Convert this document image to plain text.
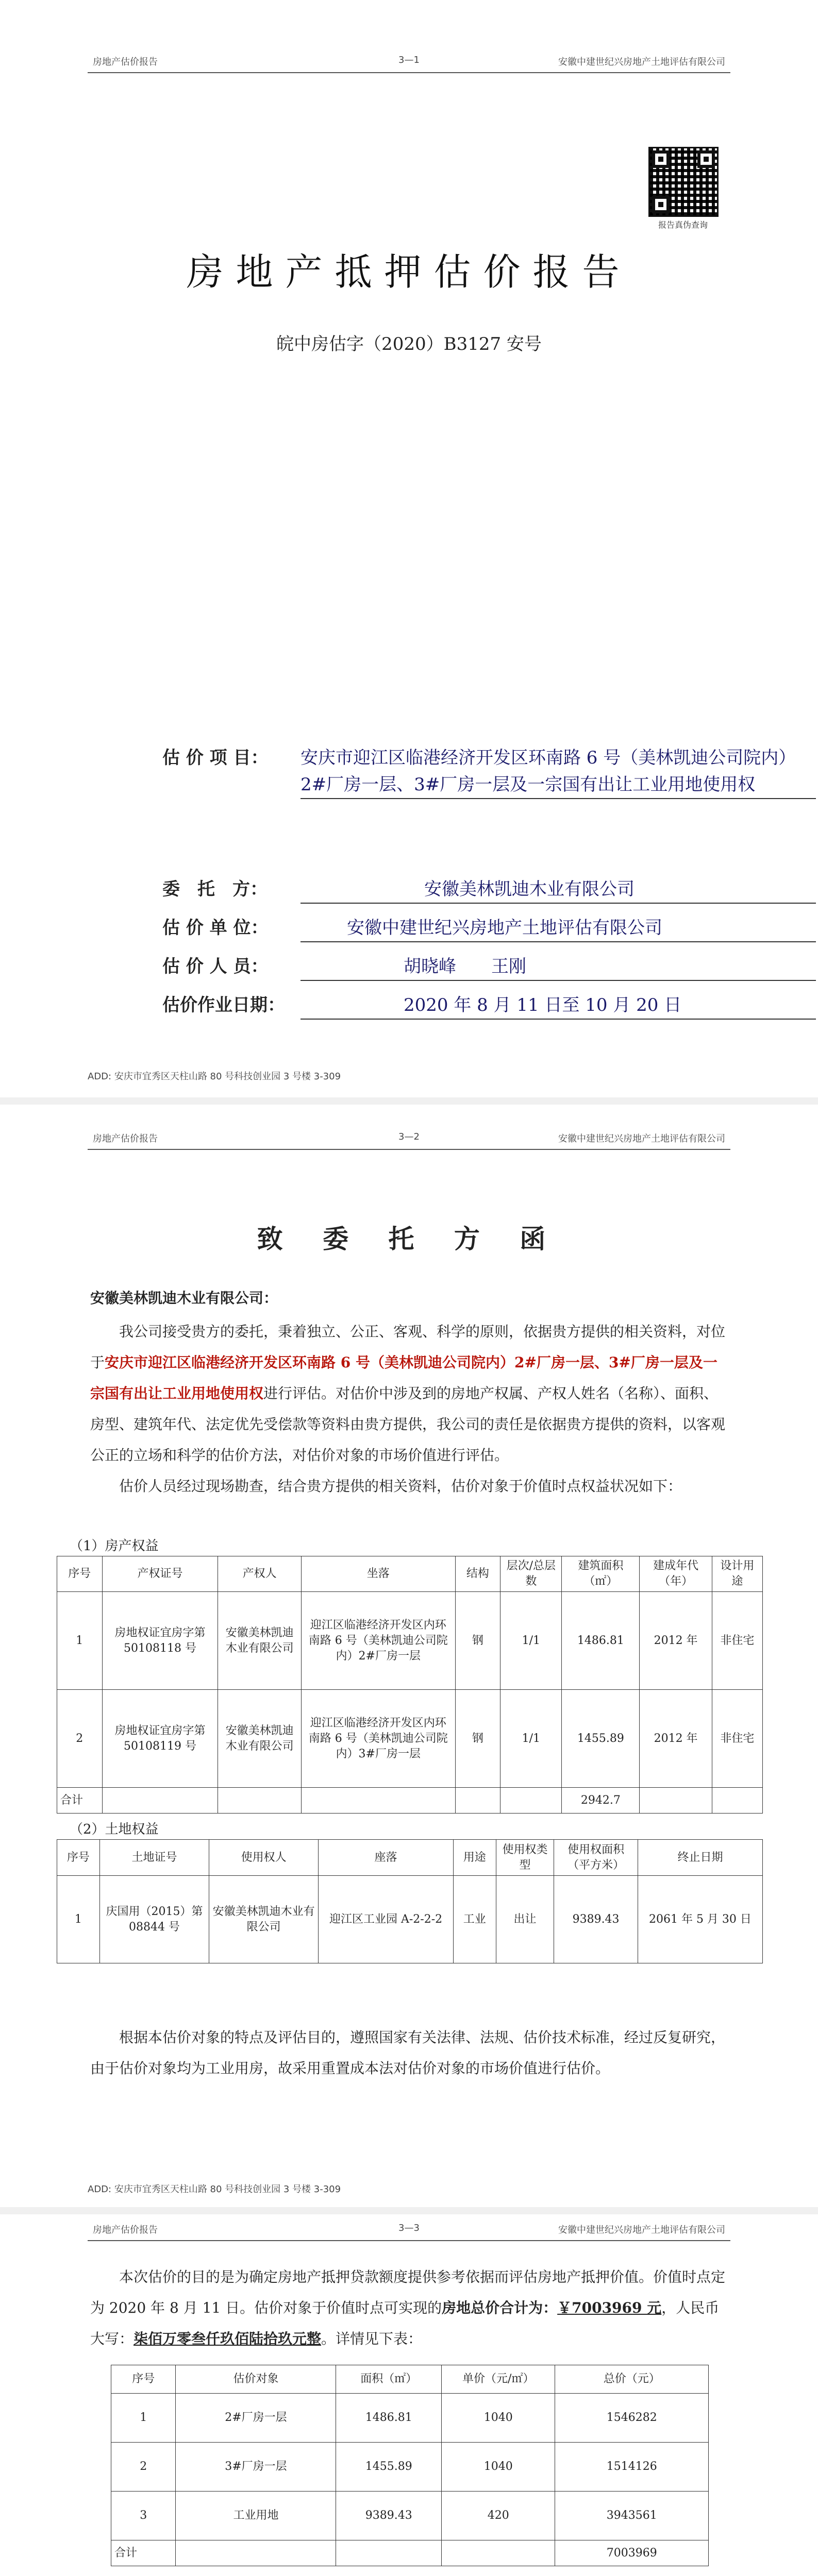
房地产估价报告	3—1	安徽中建世纪兴房地产土地评估有限公司
报告真伪查询
房地产抵押估价报告
皖中房估字（2020）B3127 安号
估 价 项 目： 安庆市迎江区临港经济开发区环南路 6 号（美林凯迪公司院内）2#厂房一层、3#厂房一层及一宗国有出让工业用地使用权
委　托　方：	安徽美林凯迪木业有限公司
估 价 单 位：	安徽中建世纪兴房地产土地评估有限公司
估 价 人 员：	胡晓峰　　王刚
估价作业日期：	2020 年 8 月 11 日至 10 月 20 日
ADD: 安庆市宜秀区天柱山路 80 号科技创业园 3 号楼 3-309
房地产估价报告	3—2	安徽中建世纪兴房地产土地评估有限公司
致 委 托 方 函
安徽美林凯迪木业有限公司：
我公司接受贵方的委托，秉着独立、公正、客观、科学的原则，依据贵方提供的相关资料，对位于安庆市迎江区临港经济开发区环南路 6 号（美林凯迪公司院内）2#厂房一层、3#厂房一层及一宗国有出让工业用地使用权进行评估。对估价中涉及到的房地产权属、产权人姓名（名称）、面积、房型、建筑年代、法定优先受偿款等资料由贵方提供，我公司的责任是依据贵方提供的资料，以客观公正的立场和科学的估价方法，对估价对象的市场价值进行评估。
估价人员经过现场勘查，结合贵方提供的相关资料，估价对象于价值时点权益状况如下：
（1）房产权益
序号	产权证号	产权人	坐落	结构	层次/总层数	建筑面积（㎡）	建成年代（年）	设计用途
1	房地权证宜房字第 50108118 号	安徽美林凯迪木业有限公司	迎江区临港经济开发区内环南路 6 号（美林凯迪公司院内）2#厂房一层	钢	1/1	1486.81	2012 年	非住宅
2	房地权证宜房字第 50108119 号	安徽美林凯迪木业有限公司	迎江区临港经济开发区内环南路 6 号（美林凯迪公司院内）3#厂房一层	钢	1/1	1455.89	2012 年	非住宅
合计						2942.7		
（2）土地权益
序号	土地证号	使用权人	座落	用途	使用权类型	使用权面积（平方米）	终止日期
1	庆国用（2015）第 08844 号	安徽美林凯迪木业有限公司	迎江区工业园 A-2-2-2	工业	出让	9389.43	2061 年 5 月 30 日
根据本估价对象的特点及评估目的，遵照国家有关法律、法规、估价技术标准，经过反复研究，由于估价对象均为工业用房，故采用重置成本法对估价对象的市场价值进行估价。
ADD: 安庆市宜秀区天柱山路 80 号科技创业园 3 号楼 3-309
房地产估价报告	3—3	安徽中建世纪兴房地产土地评估有限公司
本次估价的目的是为确定房地产抵押贷款额度提供参考依据而评估房地产抵押价值。价值时点定为 2020 年 8 月 11 日。估价对象于价值时点可实现的房地总价合计为：￥7003969 元，人民币大写：柒佰万零叁仟玖佰陆拾玖元整。详情见下表：
序号	估价对象	面积（㎡）	单价（元/㎡）	总价（元）
1	2#厂房一层	1486.81	1040	1546282
2	3#厂房一层	1455.89	1040	1514126
3	工业用地	9389.43	420	3943561
合计				7003969
